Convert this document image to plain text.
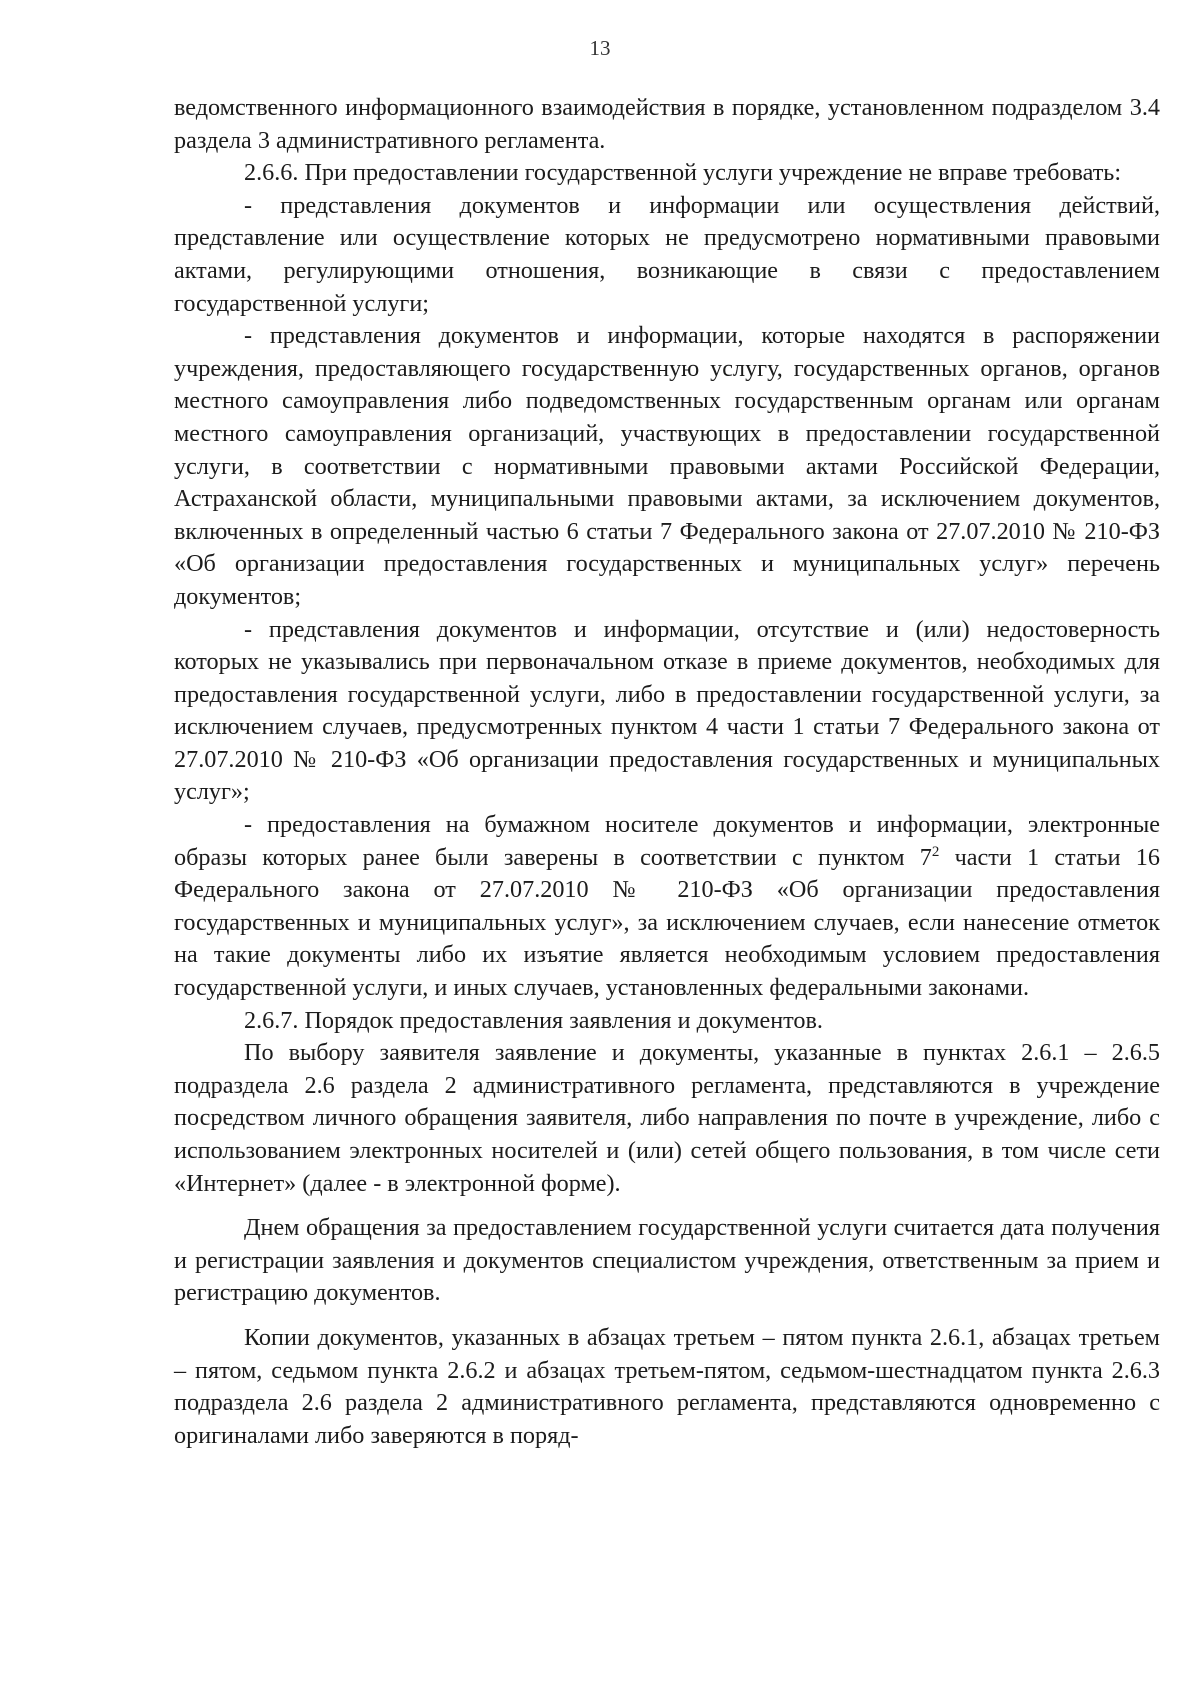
13

ведомственного информационного взаимодействия в порядке, установленном подразделом 3.4 раздела 3 административного регламента.

2.6.6. При предоставлении государственной услуги учреждение не вправе требовать:

- представления документов и информации или осуществления действий, представление или осуществление которых не предусмотрено нормативными правовыми актами, регулирующими отношения, возникающие в связи с предоставлением государственной услуги;

- представления документов и информации, которые находятся в распоряжении учреждения, предоставляющего государственную услугу, государственных органов, органов местного самоуправления либо подведомственных государственным органам или органам местного самоуправления организаций, участвующих в предоставлении государственной услуги, в соответствии с нормативными правовыми актами Российской Федерации, Астраханской области, муниципальными правовыми актами, за исключением документов, включенных в определенный частью 6 статьи 7 Федерального закона от 27.07.2010 № 210-ФЗ «Об организации предоставления государственных и муниципальных услуг» перечень документов;

- представления документов и информации, отсутствие и (или) недостоверность которых не указывались при первоначальном отказе в приеме документов, необходимых для предоставления государственной услуги, либо в предоставлении государственной услуги, за исключением случаев, предусмотренных пунктом 4 части 1 статьи 7 Федерального закона от 27.07.2010 № 210-ФЗ «Об организации предоставления государственных и муниципальных услуг»;

- предоставления на бумажном носителе документов и информации, электронные образы которых ранее были заверены в соответствии с пунктом $7^2$ части 1 статьи 16 Федерального закона от 27.07.2010 № 210-ФЗ «Об организации предоставления государственных и муниципальных услуг», за исключением случаев, если нанесение отметок на такие документы либо их изъятие является необходимым условием предоставления государственной услуги, и иных случаев, установленных федеральными законами.

2.6.7. Порядок предоставления заявления и документов.

По выбору заявителя заявление и документы, указанные в пунктах 2.6.1 – 2.6.5 подраздела 2.6 раздела 2 административного регламента, представляются в учреждение посредством личного обращения заявителя, либо направления по почте в учреждение, либо с использованием электронных носителей и (или) сетей общего пользования, в том числе сети «Интернет» (далее - в электронной форме).

Днем обращения за предоставлением государственной услуги считается дата получения и регистрации заявления и документов специалистом учреждения, ответственным за прием и регистрацию документов.

Копии документов, указанных в абзацах третьем – пятом пункта 2.6.1, абзацах третьем – пятом, седьмом пункта 2.6.2 и абзацах третьем-пятом, седьмом-шестнадцатом пункта 2.6.3 подраздела 2.6 раздела 2 административного регламента, представляются одновременно с оригиналами либо заверяются в поряд-
